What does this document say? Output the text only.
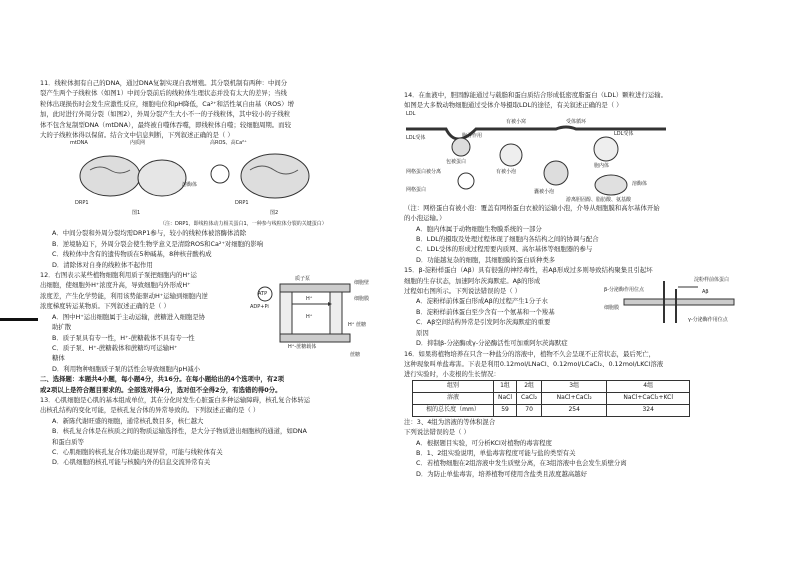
11．线粒体拥有自己的DNA，通过DNA复制实现自我增殖。其分裂机制有两种：中间分

裂产生两个子线粒体（如图1）中间分裂前后的线粒体生理状态并没有太大的差异；当线

粒体出现损伤时会发生应激性反应，细胞电位和pH降低，Ca²⁺和活性氧自由基（ROS）增

加，此时进行外周分裂（如图2），外周分裂产生大小不一的子线粒体，其中较小的子线粒

体不包含复制型DNA（mtDNA），最终被自噬体吞噬，即线粒体自噬；较细胞周期。而较

大的子线粒体得以保留。结合文中信息判断，下列叙述正确的是（ ）

mtDNA	内质网	高ROS、高Ca²⁺
溶酶体
DRP1	DRP1
图1	图2

（注：DRP1，即线粒体动力相关蛋白1，一种参与线粒体分裂的关键蛋白）

A．中间分裂和外周分裂均需DRP1参与，较小的线粒体被溶酶体消除

B．逆境胁迫下，外周分裂会使生物学意义是清除ROS和Ca²⁺对细胞的影响

C．线粒体中含有的遗传物质在5种碱基，8种核苷酸构成

D．清除体对自身的线粒体不起作用

12．右图表示某些植物细胞利用质子泵把细胞内的H⁺运

出细胞，使细胞外H⁺浓度升高，导致细胞内外形成H⁺

浓度差，产生化学势能，利用该势能驱动H⁺运输到细胞内逆

浓度梯度转运某物质。下列叙述正确的是（ ）

A．图中H⁺运出细胞属于主动运输，蔗糖进入细胞是协

助扩散

B．质子泵具有专一性，H⁺-蔗糖载体不具有专一性

C．质子泵、H⁺-蔗糖载体和蔗糖均可运输H⁺

糖体

D．利用物种细胞质子泵的活性会导致细胞内pH减小

ATP
ADP+Pi
质子泵
H⁺
H⁺
H⁺-蔗糖载体
蔗糖
H⁺ 蔗糖
细胞壁
细胞膜

二、选择题：本题共4小题，每小题4分，共16分。在每小题给出的4个选项中，有2项

或2项以上是符合题目要求的。全部选对得4分，选对但不全得2分，有选错的得0分。

13．心肌细胞是心肌的基本组成单位，其在分化时发生心脏蛋白多种运输障碍，核孔复合体转运

出核孔结构的变化可能，是核孔复合体的异常导致的。下列叙述正确的是（ ）

A．新陈代谢旺盛的细胞，通常核孔数目多，核仁越大

B．核孔复合体是在核质之间的物质运输选择性，是大分子物质进出细胞核的通道，如DNA

和蛋白质等

C．心肌细胞的核孔复合体功能出现异常，可能与线粒体有关

D．心肌细胞的核孔可能与核膜内外的信息交流异常有关

14．在血液中，胆固醇能通过与载脂和蛋白质结合形成低密度脂蛋白（LDL）颗粒进行运输。

如图是大多数动物细胞通过受体介导摄取LDL的途径，有关叙述正确的是（ ）

LDL
LDL受体	胞吞作用
包被蛋白
LDL受体
网格蛋白被分离	有被小泡
囊被小泡
胞内体
溶酶体
网格蛋白
有被小窝	受体循环
游离胆固醇、脂肪酸、氨基酸

（注：网格蛋白有被小泡：覆盖有网格蛋白衣被的运输小泡，介导从细胞膜和高尔基体开始

的小泡运输。）

A．胞内体属于动物细胞生物膜系统的一部分

B．LDL的摄取及处理过程体现了细胞内各结构之间的协调与配合

C．LDL受体的形成过程需要内质网、高尔基体等细胞器的参与

D．功能越复杂的细胞，其细胞膜的蛋白质种类多

15．β-淀粉样蛋白（Aβ）具有很强的神经毒性，若Aβ形成过多则导致结构聚集且引起坏

细胞的生存状态，加速阿尔茨海默症。Aβ的形成

过程如右图所示。下列说法错误的是（ ）

A．淀粉样前体蛋白形成Aβ的过程产生1分子水

B．淀粉样前体蛋白至少含有一个氨基和一个羧基

C．Aβ空间结构异常是引发阿尔茨海默症的重要

原因

D．抑制β-分泌酶或γ-分泌酶活性可加重阿尔茨海默症

淀粉样前体蛋白
β-分泌酶作用位点	Aβ
γ-分泌酶作用位点
细胞膜

16．如果将植物培养在只含一种盐分的溶液中，植物不久会呈现不正常状态，最后死亡，

这种现象叫单盐毒害。下表是利用0.12mol/LNaCl、0.12mol/LCaCl₂、0.12mol/LKCl溶液

进行实验时，小麦根的生长情况：

组别	1组	2组	3组	4组
溶液	NaCl	CaCl₂	NaCl+CaCl₂	NaCl+CaCl₂+KCl
根的总长度（mm）	59	70	254	324

注：3、4组为溶液的等体积混合

下列说法错误的是（ ）

A．根据题目实验，可分析KCl对植物的毒害程度

B．1、2组实验说明，单盐毒害程度可能与盐的类型有关

C．若植物细胞在2组溶液中发生质壁分离，在3组溶液中也会发生质壁分离

D．为防止单盐毒害，培养植物可使用含盐类且浓度越高越好
